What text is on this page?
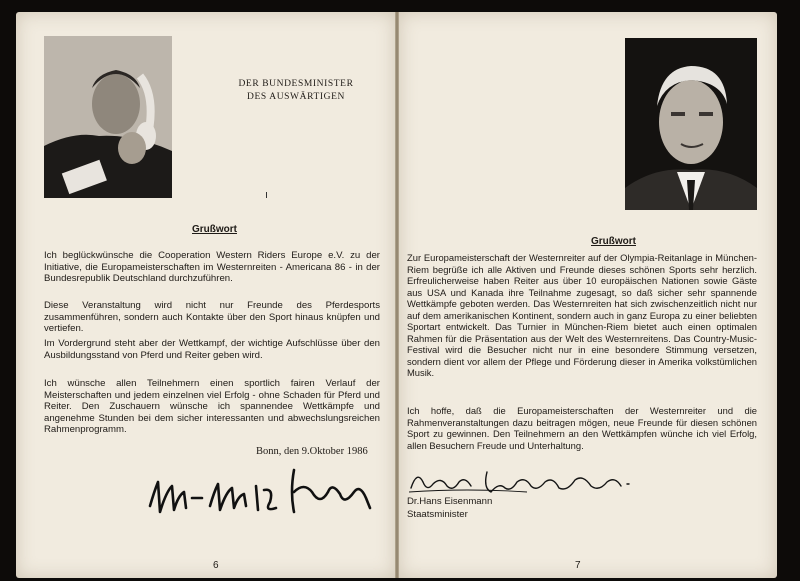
DER BUNDESMINISTER
DES AUSWÄRTIGEN
Grußwort

Ich beglückwünsche die Cooperation Western Riders Europe e.V. zu der Initiative, die Europameisterschaften im Westernreiten - Americana 86 - in der Bundesrepublik Deutschland durchzuführen.

Diese Veranstaltung wird nicht nur Freunde des Pferdesports zusammenführen, sondern auch Kontakte über den Sport hinaus knüpfen und vertiefen.

Im Vordergrund steht aber der Wettkampf, der wichtige Aufschlüsse über den Ausbildungsstand von Pferd und Reiter geben wird.

Ich wünsche allen Teilnehmern einen sportlich fairen Verlauf der Meisterschaften und jedem einzelnen viel Erfolg - ohne Schaden für Pferd und Reiter. Den Zuschauern wünsche ich spannendee Wettkämpfe und angenehme Stunden bei dem sicher interessanten und abwechslungsreichen Rahmenprogramm.

Bonn, den 9.Oktober 1986
6
Grußwort

Zur Europameisterschaft der Westernreiter auf der Olympia-Reitanlage in München-Riem begrüße ich alle Aktiven und Freunde dieses schönen Sports sehr herzlich. Erfreulicherweise haben Reiter aus über 10 europäischen Nationen sowie Gäste aus USA und Kanada ihre Teilnahme zugesagt, so daß sicher sehr spannende Wettkämpfe geboten werden. Das Westernreiten hat sich zwischenzeitlich nicht nur auf dem amerikanischen Kontinent, sondern auch in ganz Europa zu einer beliebten Sportart entwickelt. Das Turnier in München-Riem bietet auch einen optimalen Rahmen für die Präsentation aus der Welt des Westernreitens. Das Country-Music-Festival wird die Besucher nicht nur in eine besondere Stimmung versetzen, sondern dient vor allem der Pflege und Förderung dieser in Amerika volkstümlichen Musik.

Ich hoffe, daß die Europameisterschaften der Westernreiter und die Rahmenveranstaltungen dazu beitragen mögen, neue Freunde für diesen schönen Sport zu gewinnen. Den Teilnehmern an den Wettkämpfen wünche ich viel Erfolg, allen Besuchern Freude und Unterhaltung.

Dr.Hans Eisenmann
Staatsminister
7
